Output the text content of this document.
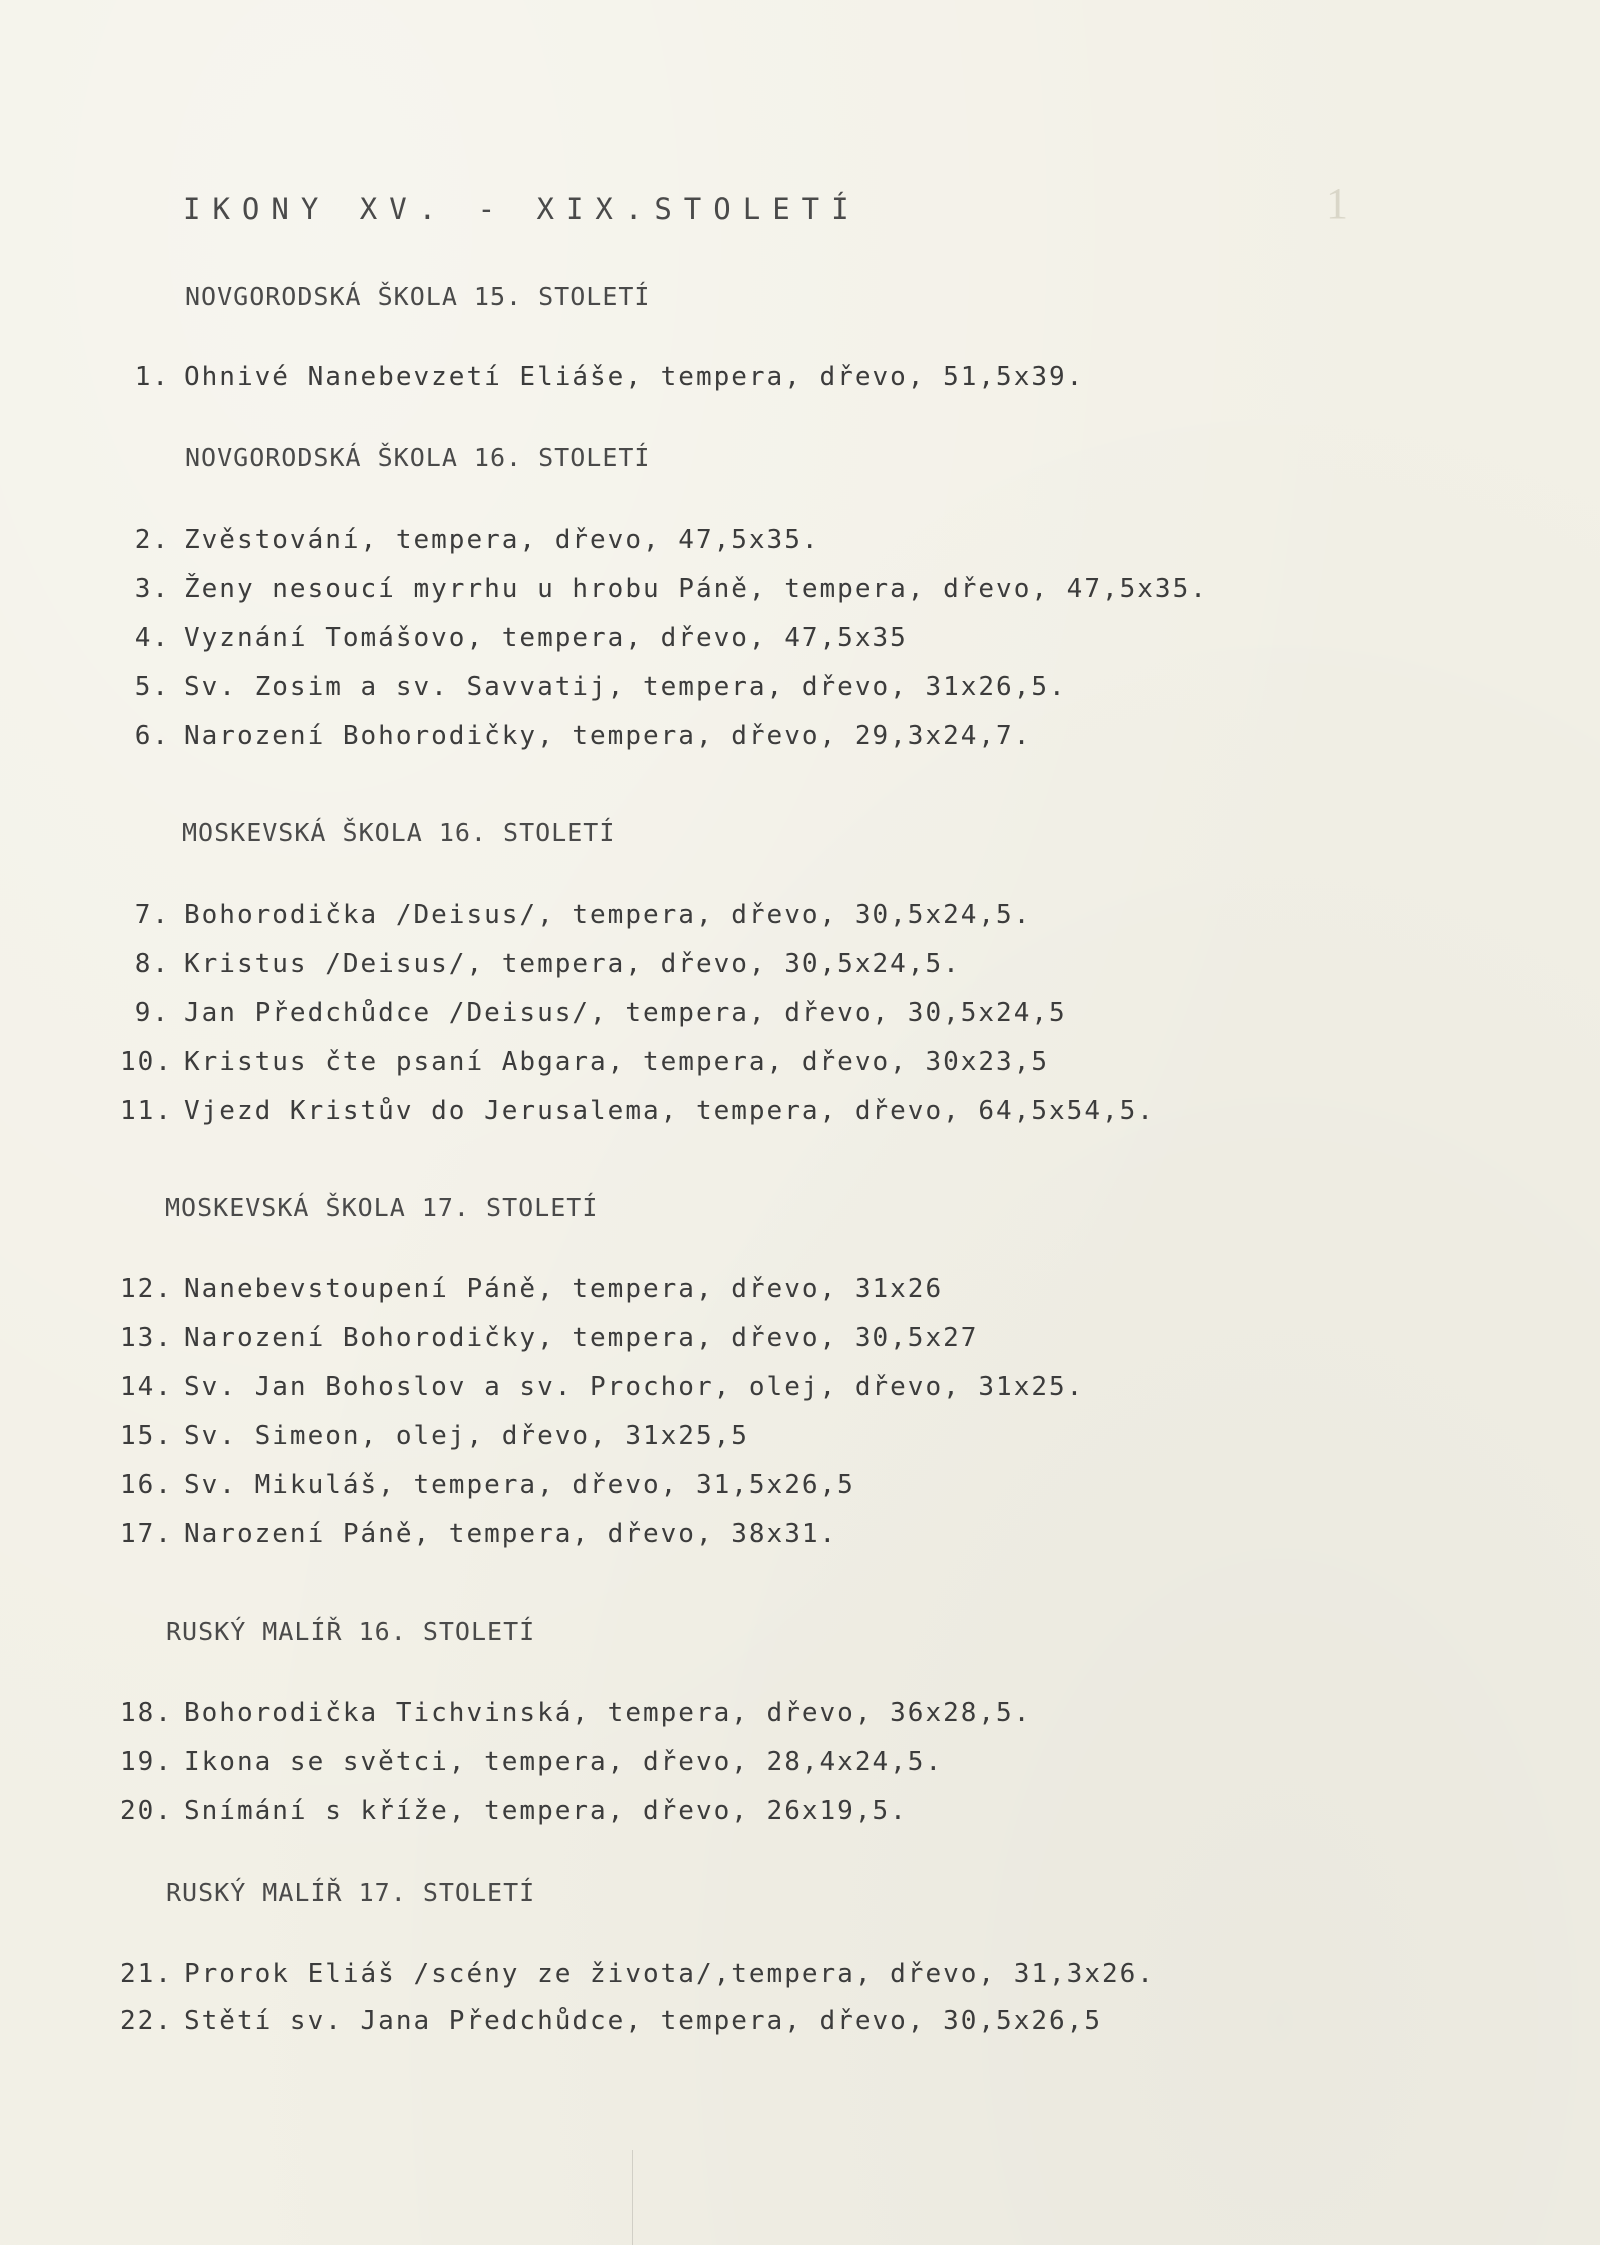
IKONY XV. - XIX.STOLETÍ	1
NOVGORODSKÁ ŠKOLA 15. STOLETÍ
1. Ohnivé Nanebevzetí Eliáše, tempera, dřevo, 51,5x39.
NOVGORODSKÁ ŠKOLA 16. STOLETÍ
2. Zvěstování, tempera, dřevo, 47,5x35.
3. Ženy nesoucí myrrhu u hrobu Páně, tempera, dřevo, 47,5x35.
4. Vyznání Tomášovo, tempera, dřevo, 47,5x35
5. Sv. Zosim a sv. Savvatij, tempera, dřevo, 31x26,5.
6. Narození Bohorodičky, tempera, dřevo, 29,3x24,7.
MOSKEVSKÁ ŠKOLA 16. STOLETÍ
7. Bohorodička /Deisus/, tempera, dřevo, 30,5x24,5.
8. Kristus /Deisus/, tempera, dřevo, 30,5x24,5.
9. Jan Předchůdce /Deisus/, tempera, dřevo, 30,5x24,5
10. Kristus čte psaní Abgara, tempera, dřevo, 30x23,5
11. Vjezd Kristův do Jerusalema, tempera, dřevo, 64,5x54,5.
MOSKEVSKÁ ŠKOLA 17. STOLETÍ
12. Nanebevstoupení Páně, tempera, dřevo, 31x26
13. Narození Bohorodičky, tempera, dřevo, 30,5x27
14. Sv. Jan Bohoslov a sv. Prochor, olej, dřevo, 31x25.
15. Sv. Simeon, olej, dřevo, 31x25,5
16. Sv. Mikuláš, tempera, dřevo, 31,5x26,5
17. Narození Páně, tempera, dřevo, 38x31.
RUSKÝ MALÍŘ 16. STOLETÍ
18. Bohorodička Tichvinská, tempera, dřevo, 36x28,5.
19. Ikona se světci, tempera, dřevo, 28,4x24,5.
20. Snímání s kříže, tempera, dřevo, 26x19,5.
RUSKÝ MALÍŘ 17. STOLETÍ
21. Prorok Eliáš /scény ze života/,tempera, dřevo, 31,3x26.
22. Stětí sv. Jana Předchůdce, tempera, dřevo, 30,5x26,5
